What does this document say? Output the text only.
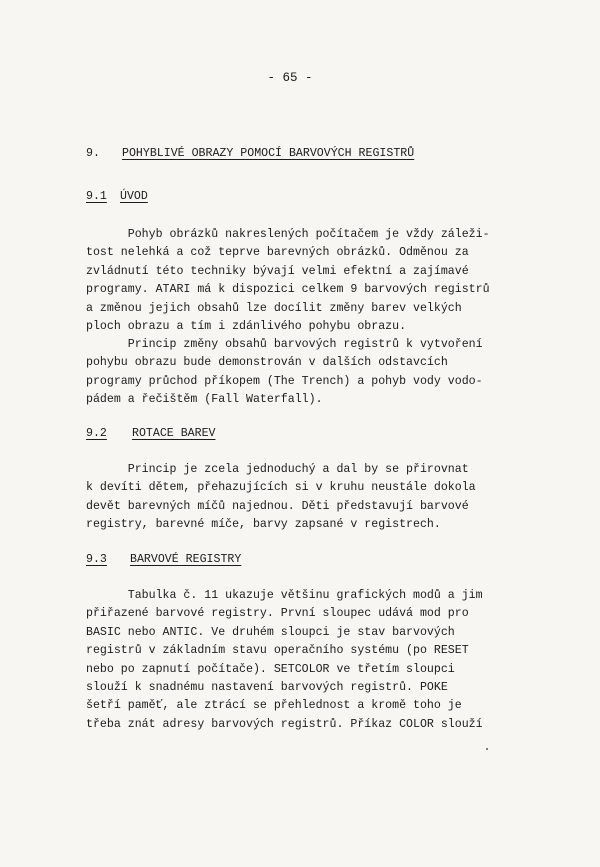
- 65 -
9. POHYBLIVÉ OBRAZY POMOCÍ BARVOVÝCH REGISTRŮ
9.1 ÚVOD
Pohyb obrázků nakreslených počítačem je vždy záleži-
tost nelehká a což teprve barevných obrázků. Odměnou za
zvládnutí této techniky bývají velmi efektní a zajímavé
programy. ATARI má k dispozici celkem 9 barvových registrů
a změnou jejich obsahů lze docílit změny barev velkých
ploch obrazu a tím i zdánlivého pohybu obrazu.
Princip změny obsahů barvových registrů k vytvoření
pohybu obrazu bude demonstrován v dalších odstavcích
programy průchod příkopem (The Trench) a pohyb vody vodo-
pádem a řečištěm (Fall Waterfall).
9.2 ROTACE BAREV
Princip je zcela jednoduchý a dal by se přirovnat
k devíti dětem, přehazujících si v kruhu neustále dokola
devět barevných míčů najednou. Děti představují barvové
registry, barevné míče, barvy zapsané v registrech.
9.3 BARVOVÉ REGISTRY
Tabulka č. 11 ukazuje většinu grafických modů a jim
přiřazené barvové registry. První sloupec udává mod pro
BASIC nebo ANTIC. Ve druhém sloupci je stav barvových
registrů v základním stavu operačního systému (po RESET
nebo po zapnutí počítače). SETCOLOR ve třetím sloupci
slouží k snadnému nastavení barvových registrů. POKE
šetří paměť, ale ztrácí se přehlednost a kromě toho je
třeba znát adresy barvových registrů. Příkaz COLOR slouží
